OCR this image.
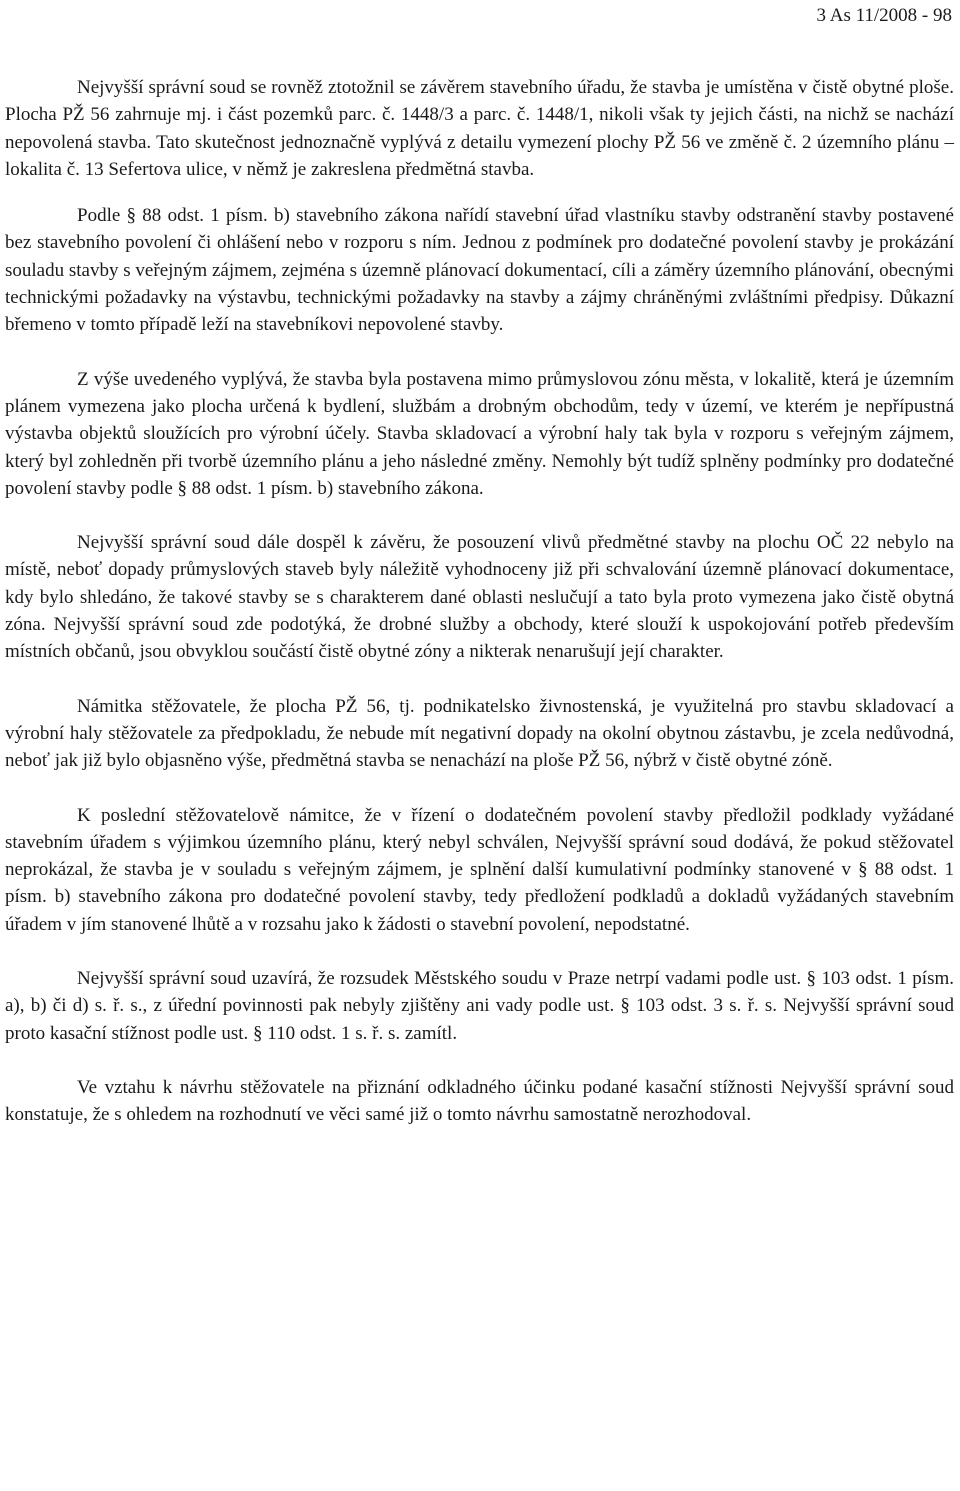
3 As 11/2008 - 98

Nejvyšší správní soud se rovněž ztotožnil se závěrem stavebního úřadu, že stavba je umístěna v čistě obytné ploše. Plocha PŽ 56 zahrnuje mj. i část pozemků parc. č. 1448/3 a parc. č. 1448/1, nikoli však ty jejich části, na nichž se nachází nepovolená stavba. Tato skutečnost jednoznačně vyplývá z detailu vymezení plochy PŽ 56 ve změně č. 2 územního plánu – lokalita č. 13 Sefertova ulice, v němž je zakreslena předmětná stavba.

Podle § 88 odst. 1 písm. b) stavebního zákona nařídí stavební úřad vlastníku stavby odstranění stavby postavené bez stavebního povolení či ohlášení nebo v rozporu s ním. Jednou z podmínek pro dodatečné povolení stavby je prokázání souladu stavby s veřejným zájmem, zejména s územně plánovací dokumentací, cíli a záměry územního plánování, obecnými technickými požadavky na výstavbu, technickými požadavky na stavby a zájmy chráněnými zvláštními předpisy. Důkazní břemeno v tomto případě leží na stavebníkovi nepovolené stavby.

Z výše uvedeného vyplývá, že stavba byla postavena mimo průmyslovou zónu města, v lokalitě, která je územním plánem vymezena jako plocha určená k bydlení, službám a drobným obchodům, tedy v území, ve kterém je nepřípustná výstavba objektů sloužících pro výrobní účely. Stavba skladovací a výrobní haly tak byla v rozporu s veřejným zájmem, který byl zohledněn při tvorbě územního plánu a jeho následné změny. Nemohly být tudíž splněny podmínky pro dodatečné povolení stavby podle § 88 odst. 1 písm. b) stavebního zákona.

Nejvyšší správní soud dále dospěl k závěru, že posouzení vlivů předmětné stavby na plochu OČ 22 nebylo na místě, neboť dopady průmyslových staveb byly náležitě vyhodnoceny již při schvalování územně plánovací dokumentace, kdy bylo shledáno, že takové stavby se s charakterem dané oblasti neslučují a tato byla proto vymezena jako čistě obytná zóna. Nejvyšší správní soud zde podotýká, že drobné služby a obchody, které slouží k uspokojování potřeb především místních občanů, jsou obvyklou součástí čistě obytné zóny a nikterak nenarušují její charakter.

Námitka stěžovatele, že plocha PŽ 56, tj. podnikatelsko živnostenská, je využitelná pro stavbu skladovací a výrobní haly stěžovatele za předpokladu, že nebude mít negativní dopady na okolní obytnou zástavbu, je zcela nedůvodná, neboť jak již bylo objasněno výše, předmětná stavba se nenachází na ploše PŽ 56, nýbrž v čistě obytné zóně.

K poslední stěžovatelově námitce, že v řízení o dodatečném povolení stavby předložil podklady vyžádané stavebním úřadem s výjimkou územního plánu, který nebyl schválen, Nejvyšší správní soud dodává, že pokud stěžovatel neprokázal, že stavba je v souladu s veřejným zájmem, je splnění další kumulativní podmínky stanovené v § 88 odst. 1 písm. b) stavebního zákona pro dodatečné povolení stavby, tedy předložení podkladů a dokladů vyžádaných stavebním úřadem v jím stanovené lhůtě a v rozsahu jako k žádosti o stavební povolení, nepodstatné.

Nejvyšší správní soud uzavírá, že rozsudek Městského soudu v Praze netrpí vadami podle ust. § 103 odst. 1 písm. a), b) či d) s. ř. s., z úřední povinnosti pak nebyly zjištěny ani vady podle ust. § 103 odst. 3 s. ř. s. Nejvyšší správní soud proto kasační stížnost podle ust. § 110 odst. 1 s. ř. s. zamítl.

Ve vztahu k návrhu stěžovatele na přiznání odkladného účinku podané kasační stížnosti Nejvyšší správní soud konstatuje, že s ohledem na rozhodnutí ve věci samé již o tomto návrhu samostatně nerozhodoval.
